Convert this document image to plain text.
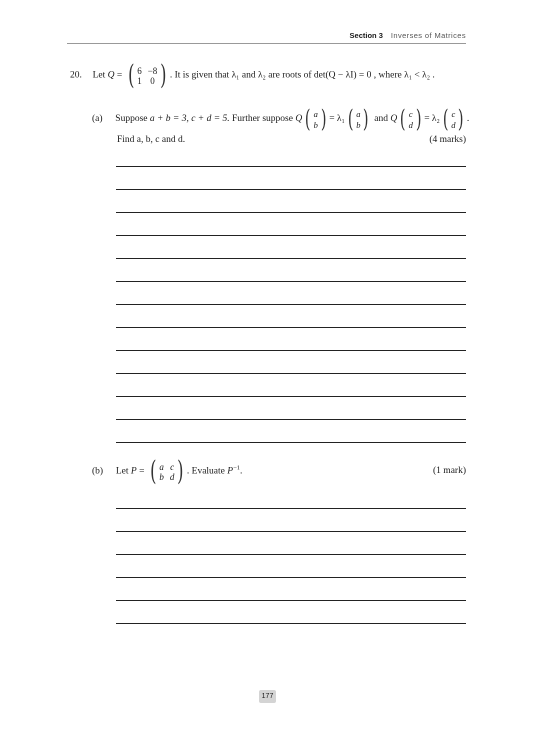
Section 3 Inverses of Matrices
20. Let Q = ( 6 −8
1 0 ) . It is given that λ₁ and λ₂ are roots of det(Q − λI) = 0 , where λ₁ < λ₂ .
(a) Suppose a + b = 3, c + d = 5. Further suppose Q ( a
b ) = λ₁ ( a
b ) and Q ( c
d ) = λ₂ ( c
d ) .
Find a, b, c and d.	(4 marks)
(b) Let P = ( a c
b d ) . Evaluate $P^{-1}$.	(1 mark)
177
